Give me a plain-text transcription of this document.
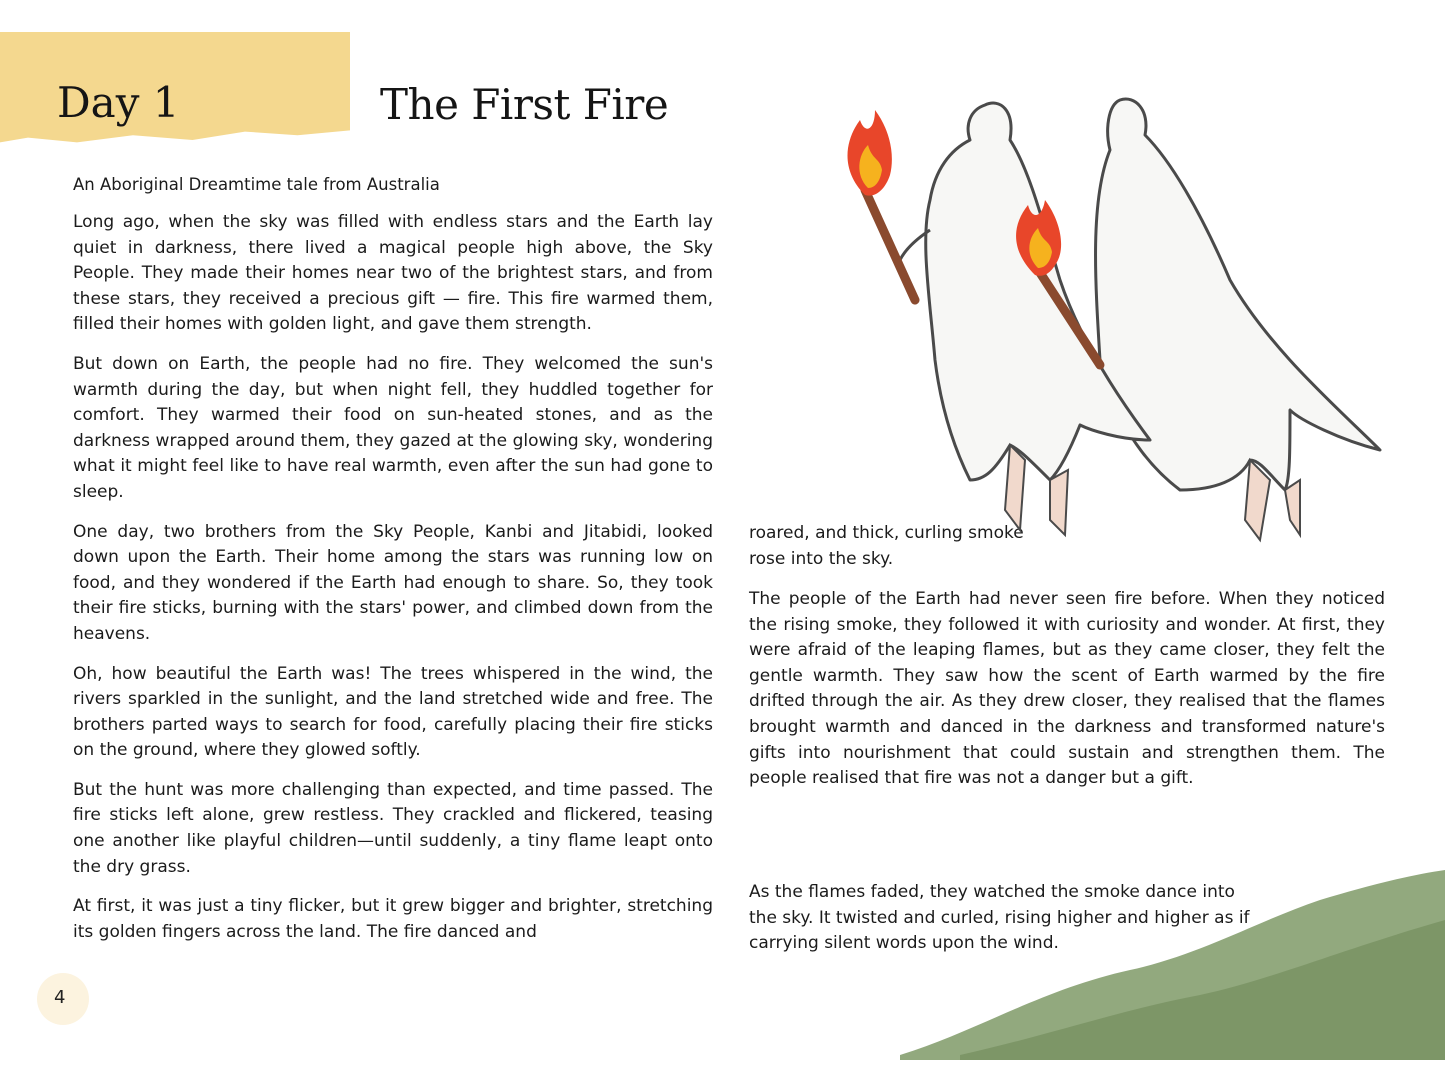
Day 1	The First Fire
An Aboriginal Dreamtime tale from Australia

Long ago, when the sky was filled with endless stars and the Earth lay quiet in darkness, there lived a magical people high above, the Sky People. They made their homes near two of the brightest stars, and from these stars, they received a precious gift — fire. This fire warmed them, filled their homes with golden light, and gave them strength.

But down on Earth, the people had no fire. They welcomed the sun's warmth during the day, but when night fell, they huddled together for comfort. They warmed their food on sun-heated stones, and as the darkness wrapped around them, they gazed at the glowing sky, wondering what it might feel like to have real warmth, even after the sun had gone to sleep.

One day, two brothers from the Sky People, Kanbi and Jitabidi, looked down upon the Earth. Their home among the stars was running low on food, and they wondered if the Earth had enough to share. So, they took their fire sticks, burning with the stars' power, and climbed down from the heavens.

Oh, how beautiful the Earth was! The trees whispered in the wind, the rivers sparkled in the sunlight, and the land stretched wide and free. The brothers parted ways to search for food, carefully placing their fire sticks on the ground, where they glowed softly.

But the hunt was more challenging than expected, and time passed. The fire sticks left alone, grew restless. They crackled and flickered, teasing one another like playful children—until suddenly, a tiny flame leapt onto the dry grass.

At first, it was just a tiny flicker, but it grew bigger and brighter, stretching its golden fingers across the land. The fire danced and

roared, and thick, curling smoke rose into the sky.

The people of the Earth had never seen fire before. When they noticed the rising smoke, they followed it with curiosity and wonder. At first, they were afraid of the leaping flames, but as they came closer, they felt the gentle warmth. They saw how the scent of Earth warmed by the fire drifted through the air. As they drew closer, they realised that the flames brought warmth and danced in the darkness and transformed nature's gifts into nourishment that could sustain and strengthen them. The people realised that fire was not a danger but a gift.

As the flames faded, they watched the smoke dance into the sky. It twisted and curled, rising higher and higher as if carrying silent words upon the wind.

4
